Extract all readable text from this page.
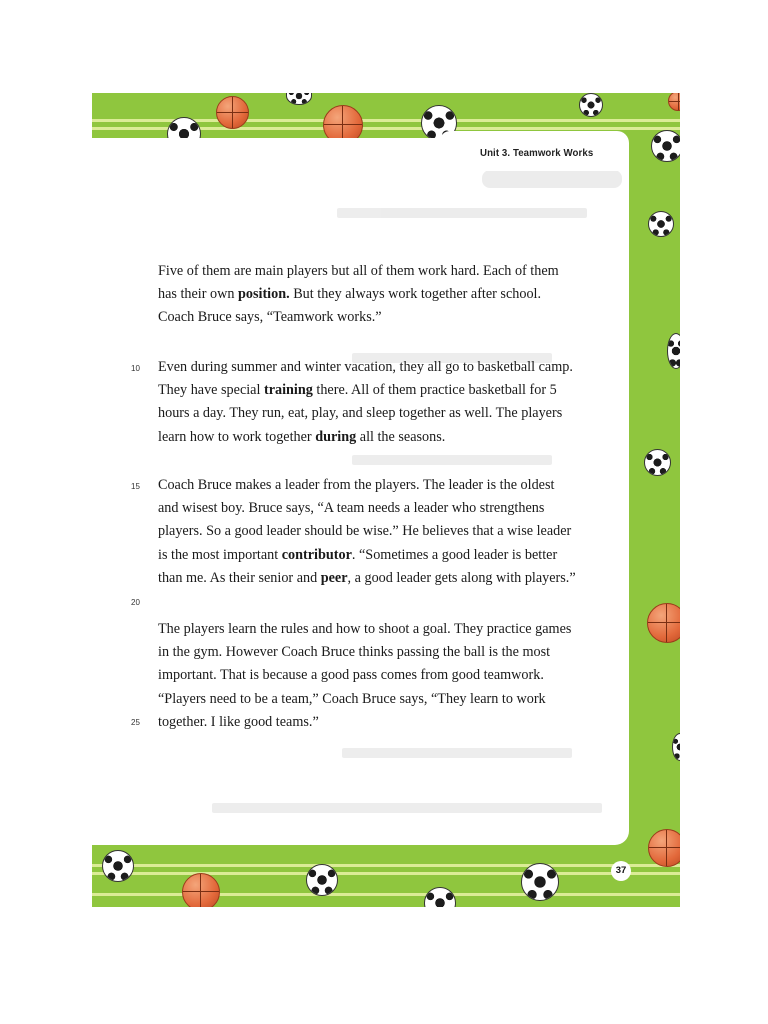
Unit 3. Teamwork Works
37
Five of them are main players but all of them work hard. Each of them
has their own position. But they always work together after school.
Coach Bruce says, “Teamwork works.”
Even during summer and winter vacation, they all go to basketball camp.
They have special training there. All of them practice basketball for 5
hours a day. They run, eat, play, and sleep together as well. The players
learn how to work together during all the seasons.
Coach Bruce makes a leader from the players. The leader is the oldest
and wisest boy. Bruce says, “A team needs a leader who strengthens
players. So a good leader should be wise.” He believes that a wise leader
is the most important contributor. “Sometimes a good leader is better
than me. As their senior and peer, a good leader gets along with players.”
The players learn the rules and how to shoot a goal. They practice games
in the gym. However Coach Bruce thinks passing the ball is the most
important. That is because a good pass comes from good teamwork.
“Players need to be a team,” Coach Bruce says, “They learn to work
together. I like good teams.”
10
15
20
25
